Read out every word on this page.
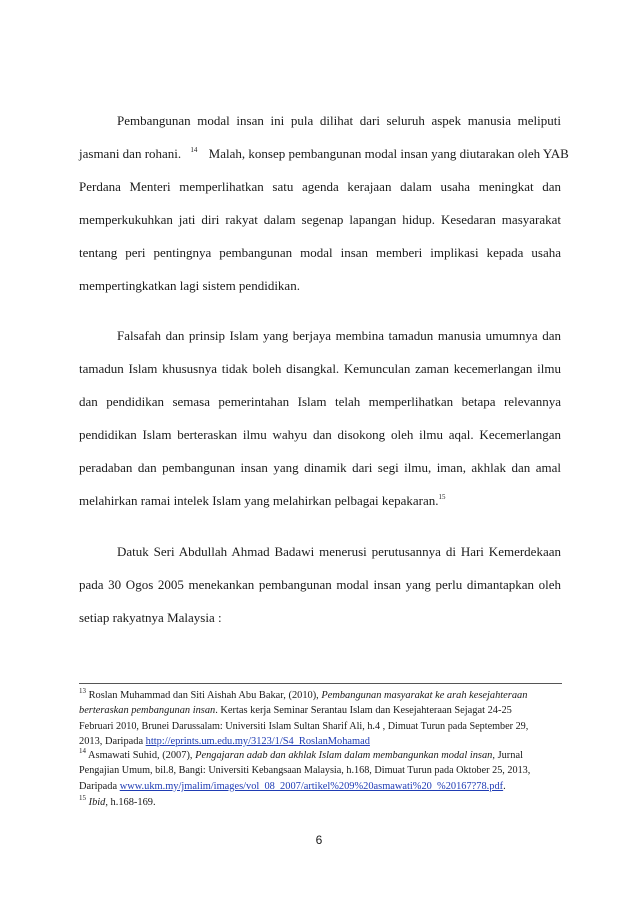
Pembangunan modal insan ini pula dilihat dari seluruh aspek manusia meliputi
jasmani dan rohani. $^{14}$ Malah, konsep pembangunan modal insan yang diutarakan oleh YAB
Perdana Menteri memperlihatkan satu agenda kerajaan dalam usaha meningkat dan
memperkukuhkan jati diri rakyat dalam segenap lapangan hidup. Kesedaran masyarakat
tentang peri pentingnya pembangunan modal insan memberi implikasi kepada usaha
mempertingkatkan lagi sistem pendidikan.
Falsafah dan prinsip Islam yang berjaya membina tamadun manusia umumnya dan
tamadun Islam khususnya tidak boleh disangkal. Kemunculan zaman kecemerlangan ilmu
dan pendidikan semasa pemerintahan Islam telah memperlihatkan betapa relevannya
pendidikan Islam berteraskan ilmu wahyu dan disokong oleh ilmu aqal. Kecemerlangan
peradaban dan pembangunan insan yang dinamik dari segi ilmu, iman, akhlak dan amal
melahirkan ramai intelek Islam yang melahirkan pelbagai kepakaran.$^{15}$
Datuk Seri Abdullah Ahmad Badawi menerusi perutusannya di Hari Kemerdekaan
pada 30 Ogos 2005 menekankan pembangunan modal insan yang perlu dimantapkan oleh
setiap rakyatnya Malaysia :
$^{13}$ Roslan Muhammad dan Siti Aishah Abu Bakar, (2010), Pembangunan masyarakat ke arah kesejahteraan
berteraskan pembangunan insan. Kertas kerja Seminar Serantau Islam dan Kesejahteraan Sejagat 24-25
Februari 2010, Brunei Darussalam: Universiti Islam Sultan Sharif Ali, h.4 , Dimuat Turun pada September 29,
2013, Daripada http://eprints.um.edu.my/3123/1/S4_RoslanMohamad
$^{14}$ Asmawati Suhid, (2007), Pengajaran adab dan akhlak Islam dalam membangunkan modal insan, Jurnal
Pengajian Umum, bil.8, Bangi: Universiti Kebangsaan Malaysia, h.168, Dimuat Turun pada Oktober 25, 2013,
Daripada www.ukm.my/jmalim/images/vol_08_2007/artikel%209%20asmawati%20_%20167?78.pdf.
$^{15}$ Ibid, h.168-169.
6
